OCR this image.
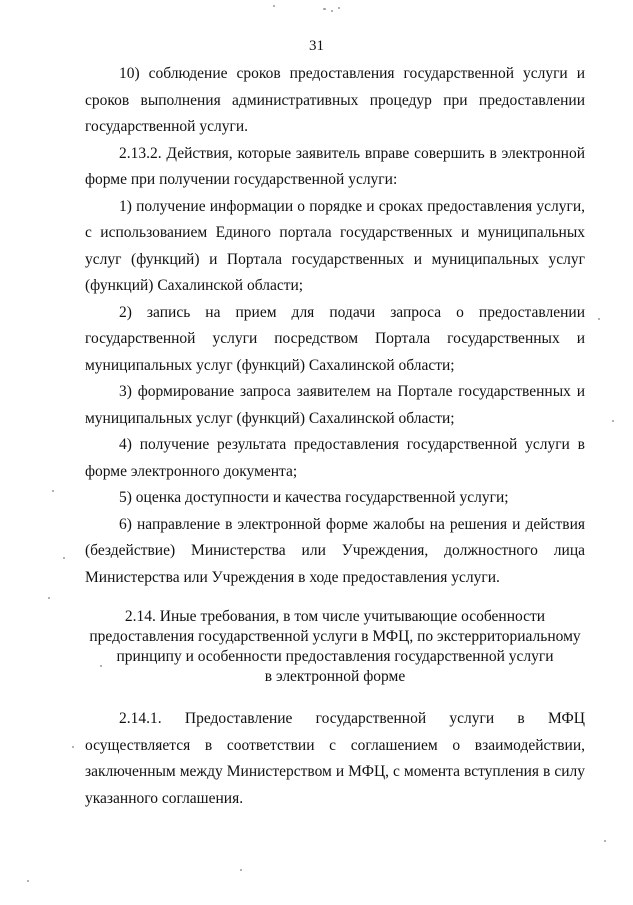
31

10) соблюдение сроков предоставления государственной услуги и сроков выполнения административных процедур при предоставлении государственной услуги.

2.13.2. Действия, которые заявитель вправе совершить в электронной форме при получении государственной услуги:

1) получение информации о порядке и сроках предоставления услуги, с использованием Единого портала государственных и муниципальных услуг (функций) и Портала государственных и муниципальных услуг (функций) Сахалинской области;

2) запись на прием для подачи запроса о предоставлении государственной услуги посредством Портала государственных и муниципальных услуг (функций) Сахалинской области;

3) формирование запроса заявителем на Портале государственных и муниципальных услуг (функций) Сахалинской области;

4) получение результата предоставления государственной услуги в форме электронного документа;

5) оценка доступности и качества государственной услуги;

6) направление в электронной форме жалобы на решения и действия (бездействие) Министерства или Учреждения, должностного лица Министерства или Учреждения в ходе предоставления услуги.

2.14. Иные требования, в том числе учитывающие особенности
предоставления государственной услуги в МФЦ, по экстерриториальному
принципу и особенности предоставления государственной услуги
в электронной форме

2.14.1. Предоставление государственной услуги в МФЦ осуществляется в соответствии с соглашением о взаимодействии, заключенным между Министерством и МФЦ, с момента вступления в силу указанного соглашения.
